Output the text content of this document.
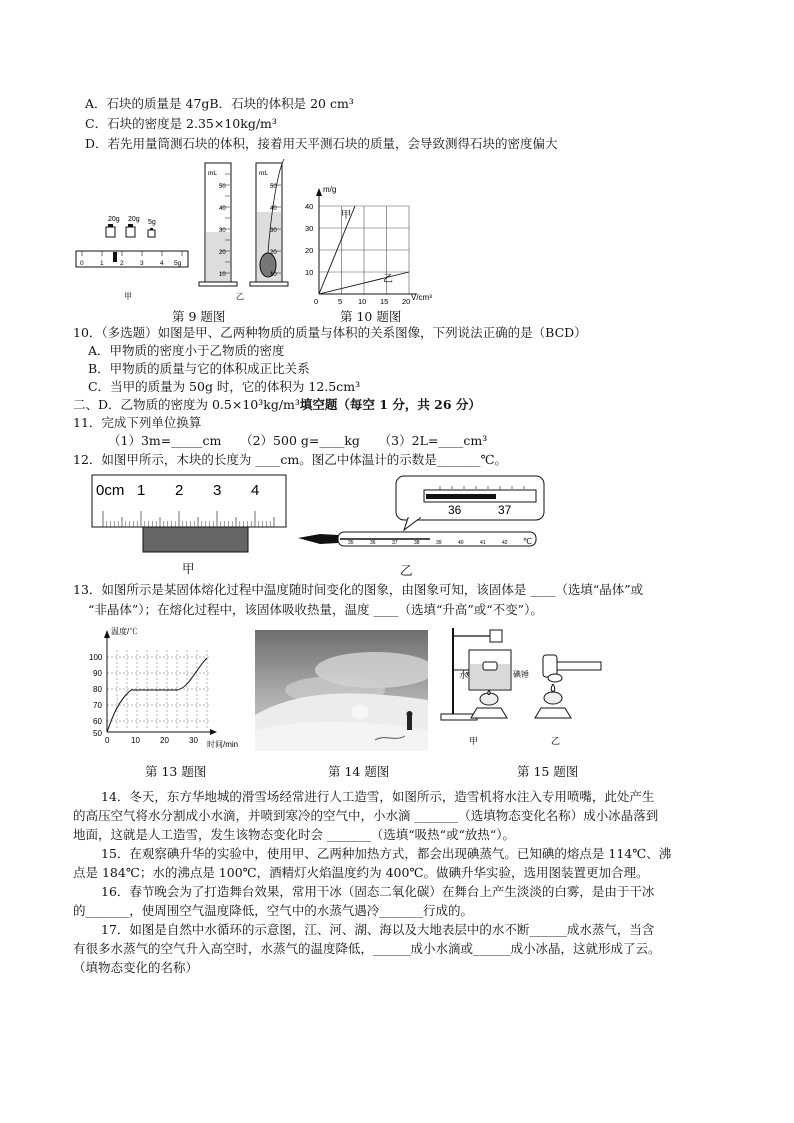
A．石块的质量是 47gB．石块的体积是 20 cm³
C．石块的密度是 2.35×10kg/m³
D．若先用量筒测石块的体积，接着用天平测石块的质量，会导致测得石块的密度偏大
20g 20g 5g
0	1	2	3	4 5g
甲
mL
50
40
30
20
10
mL
50
40
30
20
10
乙
m/g
V/cm³
40
30
20
10
0	5 10 15 20
甲
乙
第 9 题图	第 10 题图
10．（多选题）如图是甲、乙两种物质的质量与体积的关系图像，下列说法正确的是（BCD）
A．甲物质的密度小于乙物质的密度
B．甲物质的质量与它的体积成正比关系
C．当甲的质量为 50g 时，它的体积为 12.5cm³
二、D．乙物质的密度为 0.5×10³kg/m³填空题（每空 1 分，共 26 分）
11．完成下列单位换算
（1）3m=_____cm　　（2）500 g=____kg　　（3）2L=____cm³
12．如图甲所示，木块的长度为 ____cm。图乙中体温计的示数是_______℃。
0cm 1 2 3 4
36	37
35	36	37	38	39	40	41	42 ℃
甲	乙
13．如图所示是某固体熔化过程中温度随时间变化的图象，由图象可知，该固体是 ____（选填“晶体”或
“非晶体”）；在熔化过程中，该固体吸收热量，温度 ____（选填“升高”或“不变”）。
温度/℃
时间/min
100
90
80
70
60
50
0	10	20	30
水	碘锤
甲	乙
第 13 题图	第 14 题图	第 15 题图
14．冬天，东方华地城的滑雪场经常进行人工造雪，如图所示，造雪机将水注入专用喷嘴，此处产生
的高压空气将水分割成小水滴，并喷到寒冷的空气中，小水滴 _______（选填物态变化名称）成小冰晶落到
地面，这就是人工造雪，发生该物态变化时会 _______（选填“吸热“或“放热“）。
15．在观察碘升华的实验中，使用甲、乙两种加热方式，都会出现碘蒸气。已知碘的熔点是 114℃、沸
点是 184℃；水的沸点是 100℃，酒精灯火焰温度约为 400℃。做碘升华实验，选用图装置更加合理。
16．春节晚会为了打造舞台效果，常用干冰（固态二氧化碳）在舞台上产生淡淡的白雾，是由于干冰
的_______，使周围空气温度降低，空气中的水蒸气遇冷_______行成的。
17．如图是自然中水循环的示意图，江、河、湖、海以及大地表层中的水不断______成水蒸气，当含
有很多水蒸气的空气升入高空时，水蒸气的温度降低，______成小水滴或______成小冰晶，这就形成了云。
（填物态变化的名称）
